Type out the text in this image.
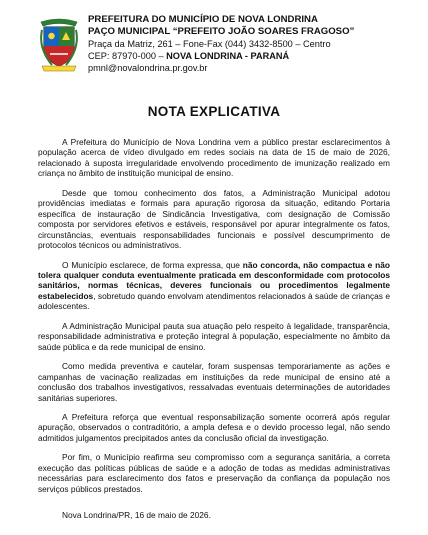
PREFEITURA DO MUNICÍPIO DE NOVA LONDRINA
PAÇO MUNICIPAL “PREFEITO JOÃO SOARES FRAGOSO”
Praça da Matriz, 261 – Fone-Fax (044) 3432-8500 – Centro
CEP: 87970-000 – NOVA LONDRINA - PARANÁ
pmnl@novalondrina.pr.gov.br
NOTA EXPLICATIVA

A Prefeitura do Município de Nova Londrina vem a público prestar esclarecimentos à população acerca de vídeo divulgado em redes sociais na data de 15 de maio de 2026, relacionado à suposta irregularidade envolvendo procedimento de imunização realizado em criança no âmbito de instituição municipal de ensino.

Desde que tomou conhecimento dos fatos, a Administração Municipal adotou providências imediatas e formais para apuração rigorosa da situação, editando Portaria específica de instauração de Sindicância Investigativa, com designação de Comissão composta por servidores efetivos e estáveis, responsável por apurar integralmente os fatos, circunstâncias, eventuais responsabilidades funcionais e possível descumprimento de protocolos técnicos ou administrativos.

O Município esclarece, de forma expressa, que não concorda, não compactua e não tolera qualquer conduta eventualmente praticada em desconformidade com protocolos sanitários, normas técnicas, deveres funcionais ou procedimentos legalmente estabelecidos, sobretudo quando envolvam atendimentos relacionados à saúde de crianças e adolescentes.

A Administração Municipal pauta sua atuação pelo respeito à legalidade, transparência, responsabilidade administrativa e proteção integral à população, especialmente no âmbito da saúde pública e da rede municipal de ensino.

Como medida preventiva e cautelar, foram suspensas temporariamente as ações e campanhas de vacinação realizadas em instituições da rede municipal de ensino até a conclusão dos trabalhos investigativos, ressalvadas eventuais determinações de autoridades sanitárias superiores.

A Prefeitura reforça que eventual responsabilização somente ocorrerá após regular apuração, observados o contraditório, a ampla defesa e o devido processo legal, não sendo admitidos julgamentos precipitados antes da conclusão oficial da investigação.

Por fim, o Município reafirma seu compromisso com a segurança sanitária, a correta execução das políticas públicas de saúde e a adoção de todas as medidas administrativas necessárias para esclarecimento dos fatos e preservação da confiança da população nos serviços públicos prestados.

Nova Londrina/PR, 16 de maio de 2026.
